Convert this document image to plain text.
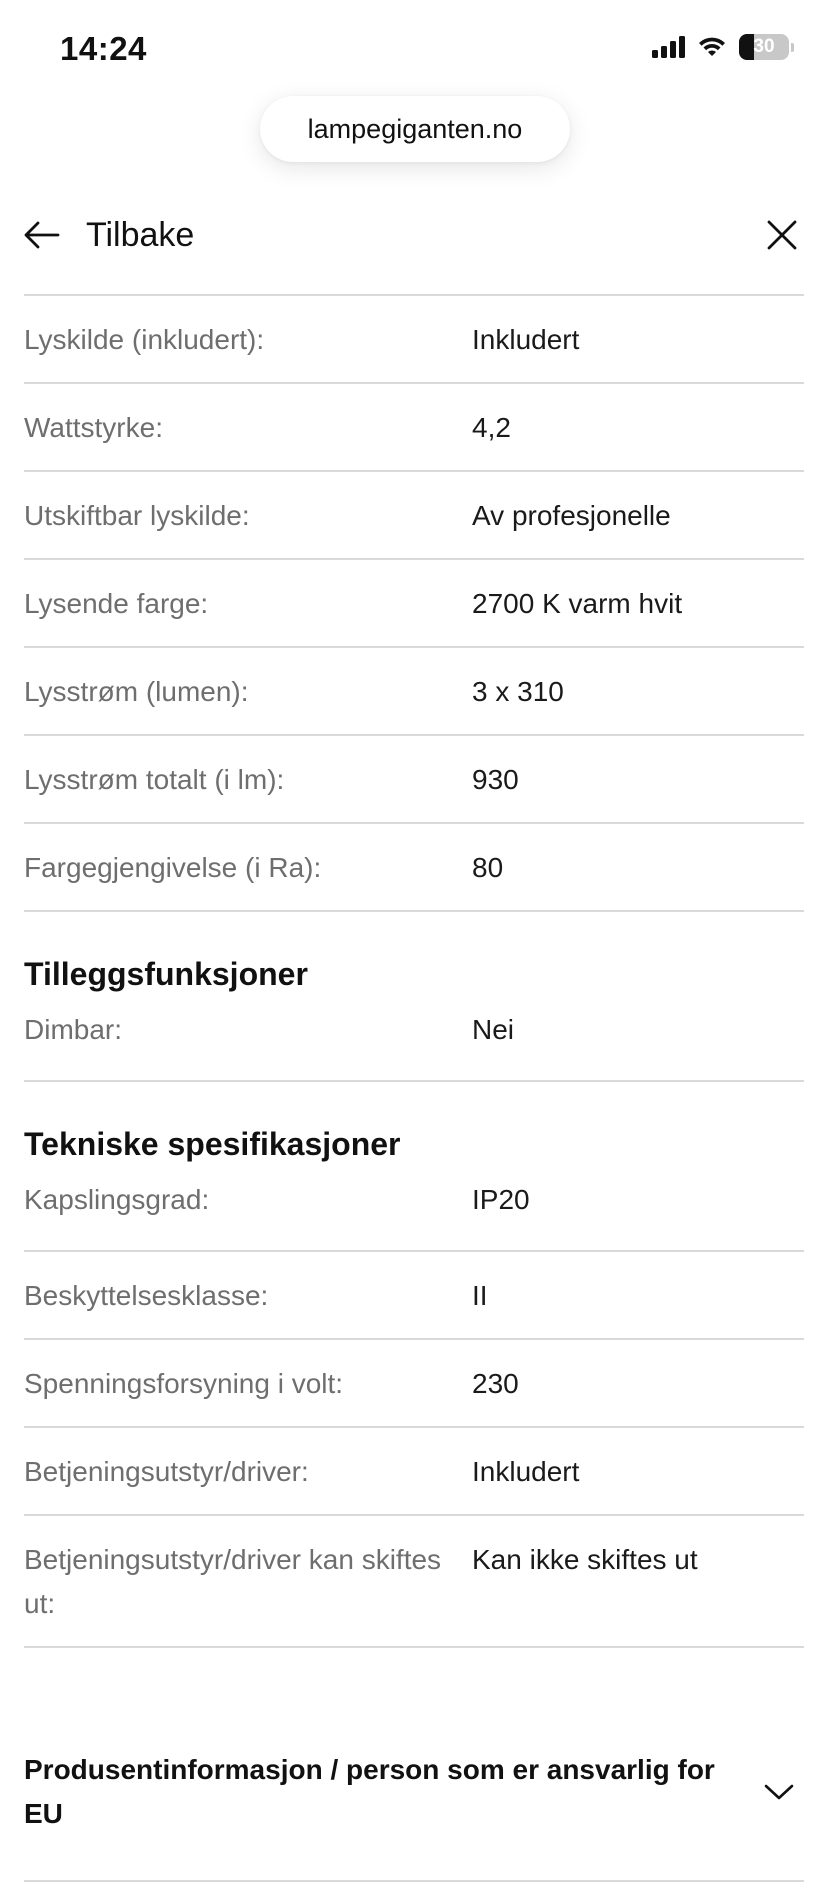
14:24	30
lampegiganten.no
Tilbake
Lyskilde (inkludert):	Inkludert
Wattstyrke:	4,2
Utskiftbar lyskilde:	Av profesjonelle
Lysende farge:	2700 K varm hvit
Lysstrøm (lumen):	3 x 310
Lysstrøm totalt (i lm):	930
Fargegjengivelse (i Ra):	80
Tilleggsfunksjoner
Dimbar:	Nei
Tekniske spesifikasjoner
Kapslingsgrad:	IP20
Beskyttelsesklasse:	II
Spenningsforsyning i volt:	230
Betjeningsutstyr/driver:	Inkludert
Betjeningsutstyr/driver kan skiftes ut:
Kan ikke skiftes ut
Produsentinformasjon / person som er ansvarlig for EU
